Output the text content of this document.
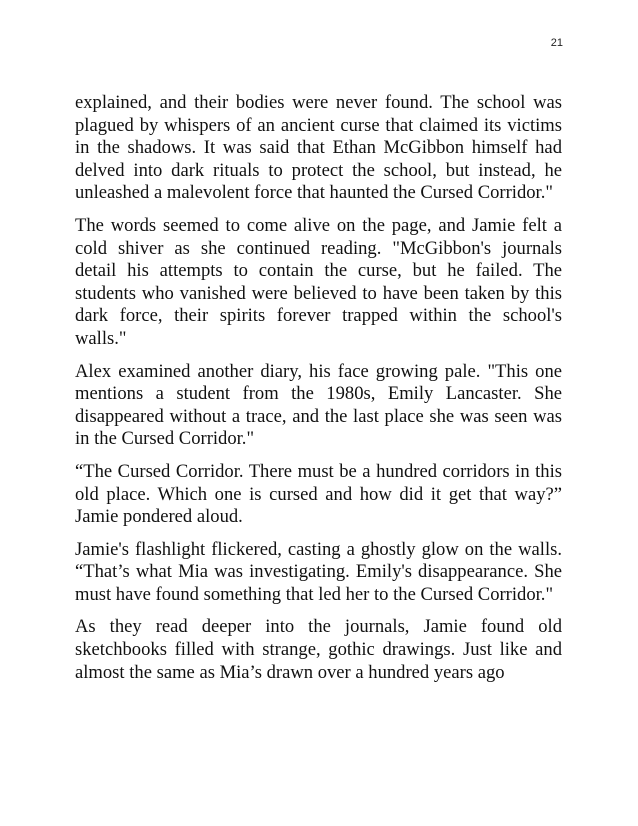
21

explained, and their bodies were never found. The school was plagued by whispers of an ancient curse that claimed its victims in the shadows. It was said that Ethan McGibbon himself had delved into dark rituals to protect the school, but instead, he unleashed a malevolent force that haunted the Cursed Corridor."

The words seemed to come alive on the page, and Jamie felt a cold shiver as she continued reading. "McGibbon's journals detail his attempts to contain the curse, but he failed. The students who vanished were believed to have been taken by this dark force, their spirits forever trapped within the school's walls."

Alex examined another diary, his face growing pale. "This one mentions a student from the 1980s, Emily Lancaster. She disappeared without a trace, and the last place she was seen was in the Cursed Corridor."

“The Cursed Corridor. There must be a hundred corridors in this old place. Which one is cursed and how did it get that way?” Jamie pondered aloud.

Jamie's flashlight flickered, casting a ghostly glow on the walls. “That’s what Mia was investigating. Emily's disappearance. She must have found something that led her to the Cursed Corridor."

As they read deeper into the journals, Jamie found old sketchbooks filled with strange, gothic drawings. Just like and almost the same as Mia’s drawn over a hundred years ago
